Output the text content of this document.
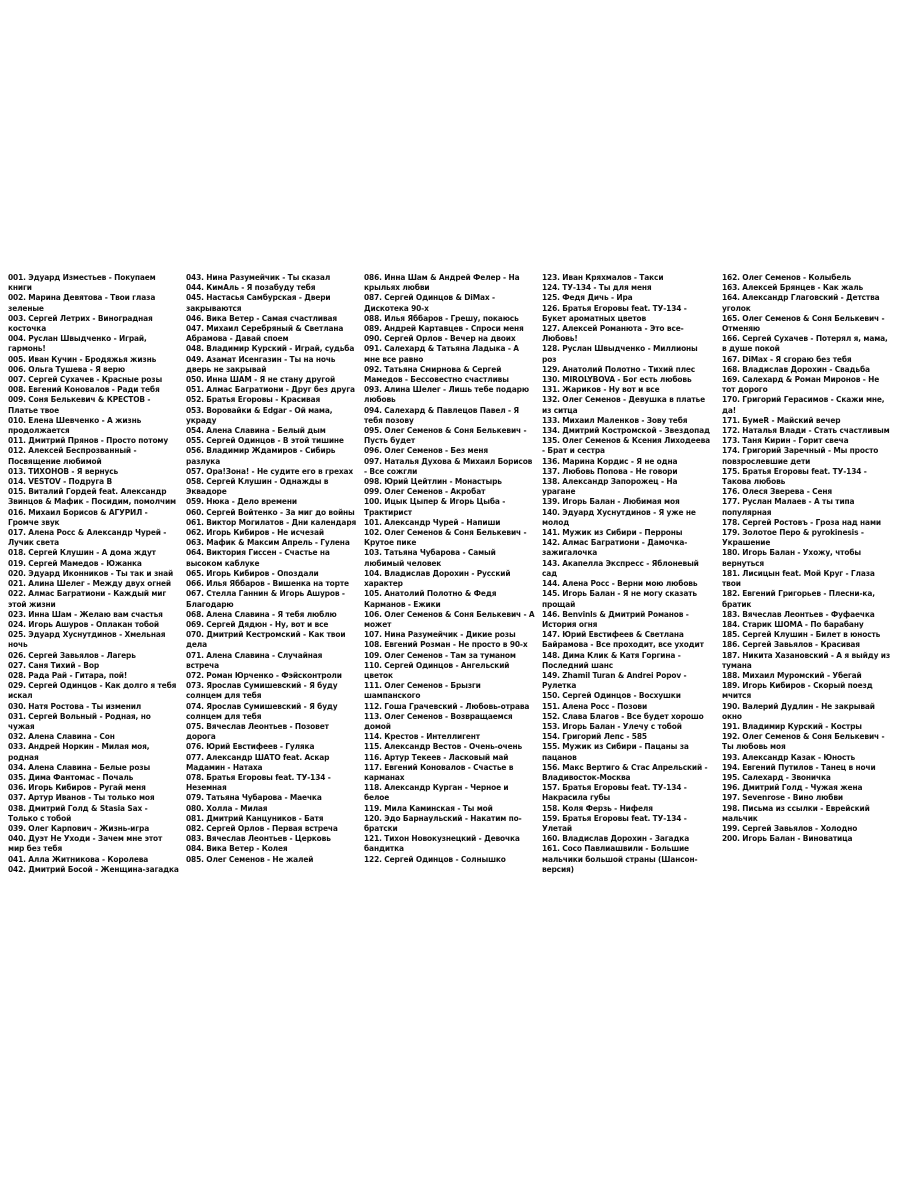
001. Эдуард Изместьев - Покупаем книги
002. Марина Девятова - Твои глаза зеленые
003. Сергей Летрих - Виноградная косточка
004. Руслан Швыдченко - Играй, гармонь!
005. Иван Кучин - Бродяжья жизнь
006. Ольга Тушева - Я верю
007. Сергей Сухачев - Красные розы
008. Евгений Коновалов - Ради тебя
009. Соня Белькевич & КРЕСТОВ - Платье твое
010. Елена Шевченко - А жизнь продолжается
011. Дмитрий Прянов - Просто потому
012. Алексей Беспрозванный - Посвящение любимой
013. ТИХОНОВ - Я вернусь
014. VESTOV - Подруга В
015. Виталий Гордей feat. Александр Звинцов & Мафик - Посидим, помолчим
016. Михаил Борисов & АГУРИЛ - Громче звук
017. Алена Росс & Александр Чурей - Лучик света
018. Сергей Клушин - А дома ждут
019. Сергей Мамедов - Южанка
020. Эдуард Иконников - Ты так и знай
021. Алина Шелег - Между двух огней
022. Алмас Багратиони - Каждый миг этой жизни
023. Инна Шам - Желаю вам счастья
024. Игорь Ашуров - Оплакан тобой
025. Эдуард Хуснутдинов - Хмельная ночь
026. Сергей Завьялов - Лагерь
027. Саня Тихий - Вор
028. Рада Рай - Гитара, пой!
029. Сергей Одинцов - Как долго я тебя искал
030. Натя Ростова - Ты изменил
031. Сергей Вольный - Родная, но чужая
032. Алена Славина - Сон
033. Андрей Норкин - Милая моя, родная
034. Алена Славина - Белые розы
035. Дима Фантомас - Почаль
036. Игорь Кибиров - Ругай меня
037. Артур Иванов - Ты только моя
038. Дмитрий Голд & Stasia Sax - Только с тобой
039. Олег Карпович - Жизнь-игра
040. Дуэт Не Уходи - Зачем мне этот мир без тебя
041. Алла Житникова - Королева
042. Дмитрий Босой - Женщина-загадка
043. Нина Разумейчик - Ты сказал
044. КимАль - Я позабуду тебя
045. Настасья Самбурская - Двери закрываются
046. Вика Ветер - Самая счастливая
047. Михаил Серебряный & Светлана Абрамова - Давай споем
048. Владимир Курский - Играй, судьба
049. Азамат Исенгазин - Ты на ночь дверь не закрывай
050. Инна ШАМ - Я не стану другой
051. Алмас Багратиони - Друг без друга
052. Братья Егоровы - Красивая
053. Воровайки & Edgar - Ой мама, украду
054. Алена Славина - Белый дым
055. Сергей Одинцов - В этой тишине
056. Владимир Ждамиров - Сибирь разлука
057. Ора!Зона! - Не судите его в грехах
058. Сергей Клушин - Однажды в Эквадоре
059. Нюка - Дело времени
060. Сергей Войтенко - За миг до войны
061. Виктор Могилатов - Дни календаря
062. Игорь Кибиров - Не исчезай
063. Мафик & Максим Апрель - Гулена
064. Виктория Гиссен - Счастье на высоком каблуке
065. Игорь Кибиров - Опоздали
066. Илья Яббаров - Вишенка на торте
067. Стелла Ганнин & Игорь Ашуров - Благодарю
068. Алена Славина - Я тебя люблю
069. Сергей Дядюн - Ну, вот и все
070. Дмитрий Кестромский - Как твои дела
071. Алена Славина - Случайная встреча
072. Роман Юрченко - Фэйсконтроли
073. Ярослав Сумишевский - Я буду солнцем для тебя
074. Ярослав Сумишевский - Я буду солнцем для тебя
075. Вячеслав Леонтьев - Позовет дорога
076. Юрий Евстифеев - Гуляка
077. Александр ШАТО feat. Аскар Мадамин - Натаха
078. Братья Егоровы feat. ТУ-134 - Неземная
079. Татьяна Чубарова - Маечка
080. Холла - Милая
081. Дмитрий Канцуников - Батя
082. Сергей Орлов - Первая встреча
083. Вячеслав Леонтьев - Церковь
084. Вика Ветер - Колея
085. Олег Семенов - Не жалей
086. Инна Шам & Андрей Фелер - На крыльях любви
087. Сергей Одинцов & DiMax - Дискотека 90-х
088. Илья Яббаров - Грешу, покаюсь
089. Андрей Картавцев - Спроси меня
090. Сергей Орлов - Вечер на двоих
091. Салехард & Татьяна Ладыка - А мне все равно
092. Татьяна Смирнова & Сергей Мамедов - Бессовестно счастливы
093. Алина Шелег - Лишь тебе подарю любовь
094. Салехард & Павлецов Павел - Я тебя позову
095. Олег Семенов & Соня Белькевич - Пусть будет
096. Олег Семенов - Без меня
097. Наталья Духова & Михаил Борисов - Все сожгли
098. Юрий Цейтлин - Монастырь
099. Олег Семенов - Акробат
100. Ицык Цыпер & Игорь Цыба - Трактирист
101. Александр Чурей - Напиши
102. Олег Семенов & Соня Белькевич - Крутое пике
103. Татьяна Чубарова - Самый любимый человек
104. Владислав Дорохин - Русский характер
105. Анатолий Полотно & Федя Карманов - Ежики
106. Олег Семенов & Соня Белькевич - А может
107. Нина Разумейчик - Дикие розы
108. Евгений Розман - Не просто в 90-х
109. Олег Семенов - Там за туманом
110. Сергей Одинцов - Ангельский цветок
111. Олег Семенов - Брызги шампанского
112. Гоша Грачевский - Любовь-отрава
113. Олег Семенов - Возвращаемся домой
114. Крестов - Интеллигент
115. Александр Вестов - Очень-очень
116. Артур Текеев - Ласковый май
117. Евгений Коновалов - Счастье в карманах
118. Александр Курган - Черное и белое
119. Мила Каминская - Ты мой
120. Эдо Барнаульский - Накатим по-братски
121. Тихон Новокузнецкий - Девочка бандитка
122. Сергей Одинцов - Солнышко
123. Иван Кряхмалов - Такси
124. ТУ-134 - Ты для меня
125. Федя Дичь - Ира
126. Братья Егоровы feat. ТУ-134 - Букет ароматных цветов
127. Алексей Романюта - Это все-Любовь!
128. Руслан Швыдченко - Миллионы роз
129. Анатолий Полотно - Тихий плес
130. MIROLYBOVA - Бог есть любовь
131. Жариков - Ну вот и все
132. Олег Семенов - Девушка в платье из ситца
133. Михаил Маленков - Зову тебя
134. Дмитрий Костромской - Звездопад
135. Олег Семенов & Ксения Лиходеева - Брат и сестра
136. Марина Кордис - Я не одна
137. Любовь Попова - Не говори
138. Александр Запорожец - На урагане
139. Игорь Балан - Любимая моя
140. Эдуард Хуснутдинов - Я уже не молод
141. Мужик из Сибири - Перроны
142. Алмас Багратиони - Дамочка-зажигалочка
143. Акапелла Экспресс - Яблоневый сад
144. Алена Росс - Верни мою любовь
145. Игорь Балан - Я не могу сказать прощай
146. Benvinls & Дмитрий Романов - История огня
147. Юрий Евстифеев & Светлана Байрамова - Все проходит, все уходит
148. Дима Клик & Катя Горгина - Последний шанс
149. Zhamil Turan & Andrei Popov - Рулетка
150. Сергей Одинцов - Восхушки
151. Алена Росс - Позови
152. Слава Благов - Все будет хорошо
153. Игорь Балан - Улечу с тобой
154. Григорий Лепс - 585
155. Мужик из Сибири - Пацаны за пацанов
156. Макс Вертиго & Стас Апрельский - Владивосток-Москва
157. Братья Егоровы feat. ТУ-134 - Накрасила губы
158. Коля Ферзь - Нифеля
159. Братья Егоровы feat. ТУ-134 - Улетай
160. Владислав Дорохин - Загадка
161. Сосо Павлиашвили - Большие мальчики большой страны (Шансон-версия)
162. Олег Семенов - Колыбель
163. Алексей Брянцев - Как жаль
164. Александр Глаговский - Детства уголок
165. Олег Семенов & Соня Белькевич - Отменяю
166. Сергей Сухачев - Потерял я, мама, в душе покой
167. DiMax - Я сгораю без тебя
168. Владислав Дорохин - Свадьба
169. Салехард & Роман Миронов - Не тот дорого
170. Григорий Герасимов - Скажи мне, да!
171. БумеR - Майский вечер
172. Наталья Влади - Стать счастливым
173. Таня Кирин - Горит свеча
174. Григорий Заречный - Мы просто повзрослевшие дети
175. Братья Егоровы feat. ТУ-134 - Такова любовь
176. Олеся Зверева - Сеня
177. Руслан Малаев - А ты типа популярная
178. Сергей Ростовъ - Гроза над нами
179. Золотое Перо & pyrokinesis - Украшение
180. Игорь Балан - Ухожу, чтобы вернуться
181. Лисицын feat. Мой Круг - Глаза твои
182. Евгений Григорьев - Плесни-ка, братик
183. Вячеслав Леонтьев - Фуфаечка
184. Старик ШОМА - По барабану
185. Сергей Клушин - Билет в юность
186. Сергей Завьялов - Красивая
187. Никита Хазановский - А я выйду из тумана
188. Михаил Муромский - Убегай
189. Игорь Кибиров - Скорый поезд мчится
190. Валерий Дудлин - Не закрывай окно
191. Владимир Курский - Костры
192. Олег Семенов & Соня Белькевич - Ты любовь моя
193. Александр Казак - Юность
194. Евгений Путилов - Танец в ночи
195. Салехард - Звоничка
196. Дмитрий Голд - Чужая жена
197. Sevenrose - Вино любви
198. Письма из ссылки - Еврейский мальчик
199. Сергей Завьялов - Холодно
200. Игорь Балан - Виноватица
